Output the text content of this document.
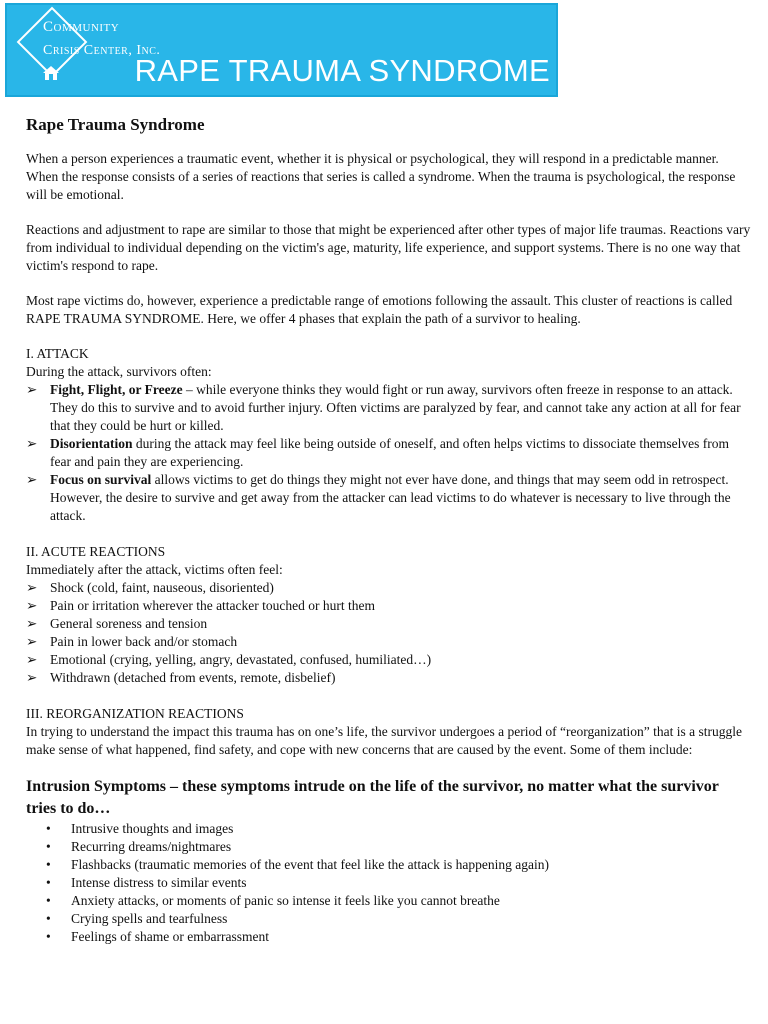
Community
Crisis Center, Inc.
RAPE TRAUMA SYNDROME
Rape Trauma Syndrome

When a person experiences a traumatic event, whether it is physical or psychological, they will respond in a predictable manner. When the response consists of a series of reactions that series is called a syndrome. When the trauma is psychological, the response will be emotional.

Reactions and adjustment to rape are similar to those that might be experienced after other types of major life traumas. Reactions vary from individual to individual depending on the victim's age, maturity, life experience, and support systems. There is no one way that victim's respond to rape.

Most rape victims do, however, experience a predictable range of emotions following the assault. This cluster of reactions is called RAPE TRAUMA SYNDROME. Here, we offer 4 phases that explain the path of a survivor to healing.

I. ATTACK
During the attack, survivors often:
➢ Fight, Flight, or Freeze – while everyone thinks they would fight or run away, survivors often freeze in response to an attack. They do this to survive and to avoid further injury. Often victims are paralyzed by fear, and cannot take any action at all for fear that they could be hurt or killed.
➢ Disorientation during the attack may feel like being outside of oneself, and often helps victims to dissociate themselves from fear and pain they are experiencing.
➢ Focus on survival allows victims to get do things they might not ever have done, and things that may seem odd in retrospect. However, the desire to survive and get away from the attacker can lead victims to do whatever is necessary to live through the attack.
II. ACUTE REACTIONS
Immediately after the attack, victims often feel:
➢ Shock (cold, faint, nauseous, disoriented)
➢ Pain or irritation wherever the attacker touched or hurt them
➢ General soreness and tension
➢ Pain in lower back and/or stomach
➢ Emotional (crying, yelling, angry, devastated, confused, humiliated…)
➢ Withdrawn (detached from events, remote, disbelief)
III. REORGANIZATION REACTIONS

In trying to understand the impact this trauma has on one’s life, the survivor undergoes a period of “reorganization” that is a struggle make sense of what happened, find safety, and cope with new concerns that are caused by the event. Some of them include:

Intrusion Symptoms – these symptoms intrude on the life of the survivor, no matter what the survivor tries to do…
• Intrusive thoughts and images
• Recurring dreams/nightmares
• Flashbacks (traumatic memories of the event that feel like the attack is happening again)
• Intense distress to similar events
• Anxiety attacks, or moments of panic so intense it feels like you cannot breathe
• Crying spells and tearfulness
• Feelings of shame or embarrassment
